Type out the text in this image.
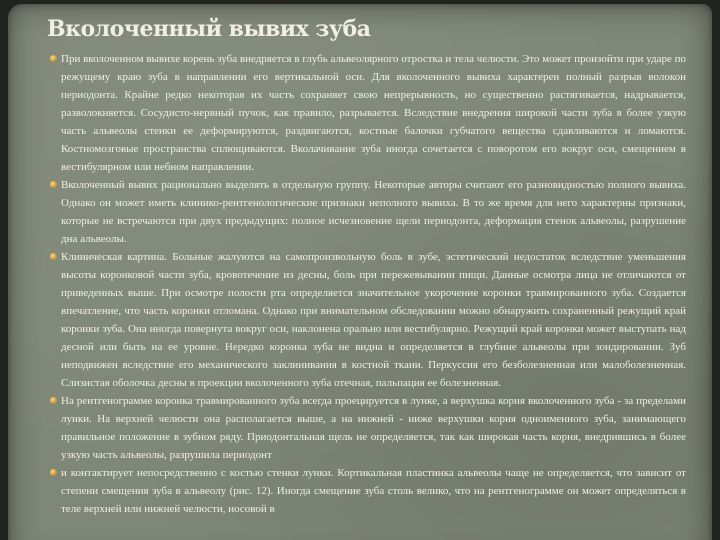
Вколоченный вывих зуба

При вколоченном вывихе корень зуба внедряется в глубь альвеолярного отростка и тела челюсти. Это может произойти при ударе по режущему краю зуба в направлении его вертикальной оси. Для вколоченного вывиха характерен полный разрыв волокон периодонта. Крайне редко некоторая их часть сохраняет свою непрерывность, но существенно растягивается, надрывается, разволокняется. Сосудисто-нервный пучок, как правило, разрывается. Вследствие внедрения широкой части зуба в более узкую часть альвеолы стенки ее деформируются, раздвигаются, костные балочки губчатого вещества сдавливаются и ломаются. Костномозговые пространства сплющиваются. Вколачивание зуба иногда сочетается с поворотом его вокруг оси, смещением в вестибулярном или небном направлении.

Вколоченный вывих рационально выделять в отдельную группу. Некоторые авторы считают его разновидностью полного вывиха. Однако он может иметь клинико-рентгенологические признаки неполного вывиха. В то же время для него характерны признаки, которые не встречаются при двух предыдущих: полное исчезновение щели периодонта, деформация стенок альвеолы, разрушение дна альвеолы.

Клиническая картина. Больные жалуются на самопроизвольную боль в зубе, эстетический недостаток вследствие уменьшения высоты коронковой части зуба, кровотечение из десны, боль при пережевывании пищи. Данные осмотра лица не отличаются от приведенных выше. При осмотре полости рта определяется значительное укорочение коронки травмированного зуба. Создается впечатление, что часть коронки отломана. Однако при внимательном обследовании можно обнаружить сохраненный режущий край коронки зуба. Она иногда повернута вокруг оси, наклонена орально или вестибулярно. Режущий край коронки может выступать над десной или быть на ее уровне. Нередко коронка зуба не видна и определяется в глубине альвеолы при зондировании. Зуб неподвижен вследствие его механического заклинивания в костной ткани. Перкуссия его безболезненная или малоболезненная. Слизистая оболочка десны в проекции вколоченного зуба отечная, пальпация ее болезненная.

На рентгенограмме коронка травмированного зуба всегда проецируется в лунке, а верхушка корня вколоченного зуба - за пределами лунки. На верхней челюсти она располагается выше, а на нижней - ниже верхушки корня одноименного зуба, занимающего правильное положение в зубном ряду. Приодонтальная щель не определяется, так как широкая часть корня, внедрившись в более узкую часть альвеолы, разрушила периодонт

и контактирует непосредственно с костью стенки лунки. Кортикальная пластинка альвеолы чаще не определяется, что зависит от степени смещения зуба в альвеолу (рис. 12). Иногда смещение зуба столь велико, что на рентгенограмме он может определяться в теле верхней или нижней челюсти, носовой в
